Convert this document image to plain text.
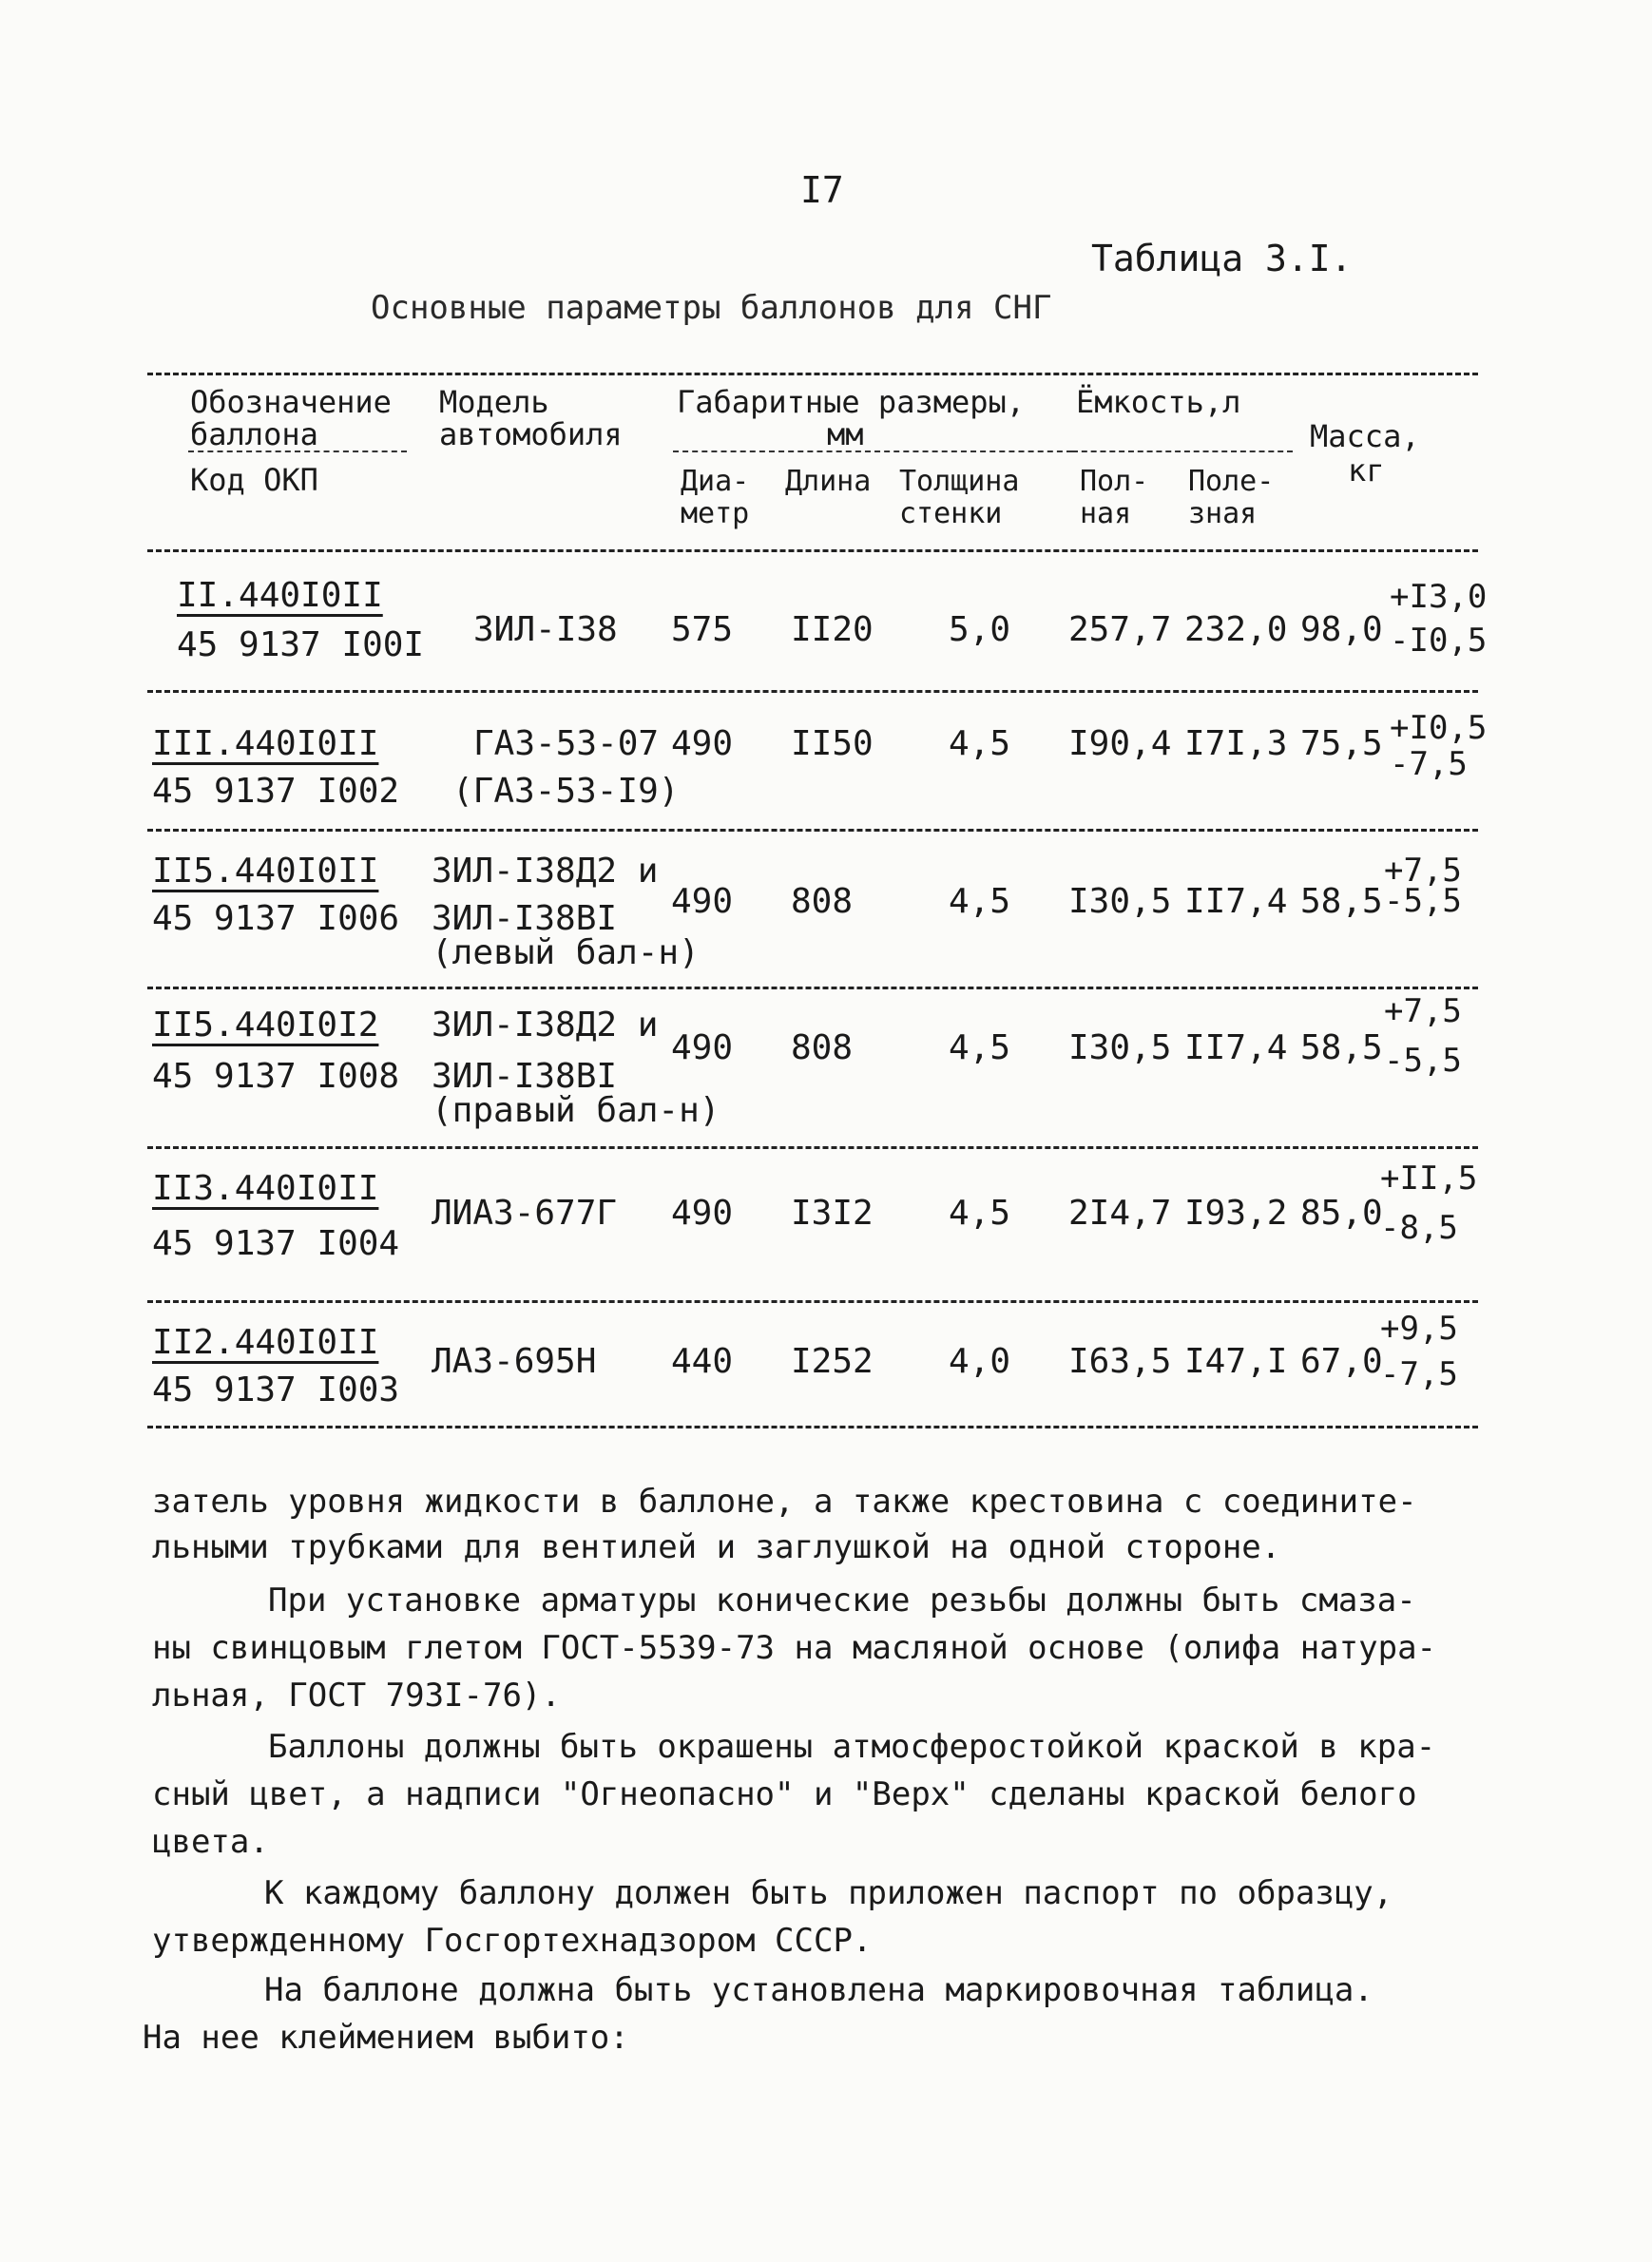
I7
Таблица 3.I.
Основные параметры баллонов для СНГ
Обозначение
баллона
Код ОКП
Модель
автомобиля
Габаритные размеры,
мм
Диа-
метр
Длина Толщина
стенки
Ёмкость,л
Пол-
ная
Поле-
зная
Масса,
кг
II.440I0II
45 9137 I00I ЗИЛ-I38 575 II20 5,0 257,7 232,0 98,0
+I3,0
-I0,5
III.440I0II
45 9137 I002
ГАЗ-53-07
(ГАЗ-53-I9)
490 II50 4,5 I90,4 I7I,3 75,5 +I0,5
-7,5
II5.440I0II
45 9137 I006
ЗИЛ-I38Д2 и
ЗИЛ-I38ВI
(левый бал-н)
490 808	4,5 I30,5 II7,4 58,5
+7,5
-5,5
II5.440I0I2
45 9137 I008
ЗИЛ-I38Д2 и
ЗИЛ-I38ВI
(правый бал-н)
490 808	4,5 I30,5 II7,4 58,5
+7,5
-5,5
II3.440I0II
45 9137 I004
ЛИАЗ-677Г 490 I3I2 4,5 2I4,7 I93,2 85,0
+II,5
-8,5
II2.440I0II
45 9137 I003
ЛАЗ-695Н 440 I252 4,0 I63,5 I47,I 67,0
+9,5
-7,5
затель уровня жидкости в баллоне, а также крестовина с соедините-
льными трубками для вентилей и заглушкой на одной стороне.
При установке арматуры конические резьбы должны быть смаза-
ны свинцовым глетом ГОСТ-5539-73 на масляной основе (олифа натура-
льная, ГОСТ 793I-76).
Баллоны должны быть окрашены атмосферостойкой краской в кра-
сный цвет, а надписи "Огнеопасно" и "Верх" сделаны краской белого
цвета.
К каждому баллону должен быть приложен паспорт по образцу,
утвержденному Госгортехнадзором СССР.
На баллоне должна быть установлена маркировочная таблица.
На нее клеймением выбито:
